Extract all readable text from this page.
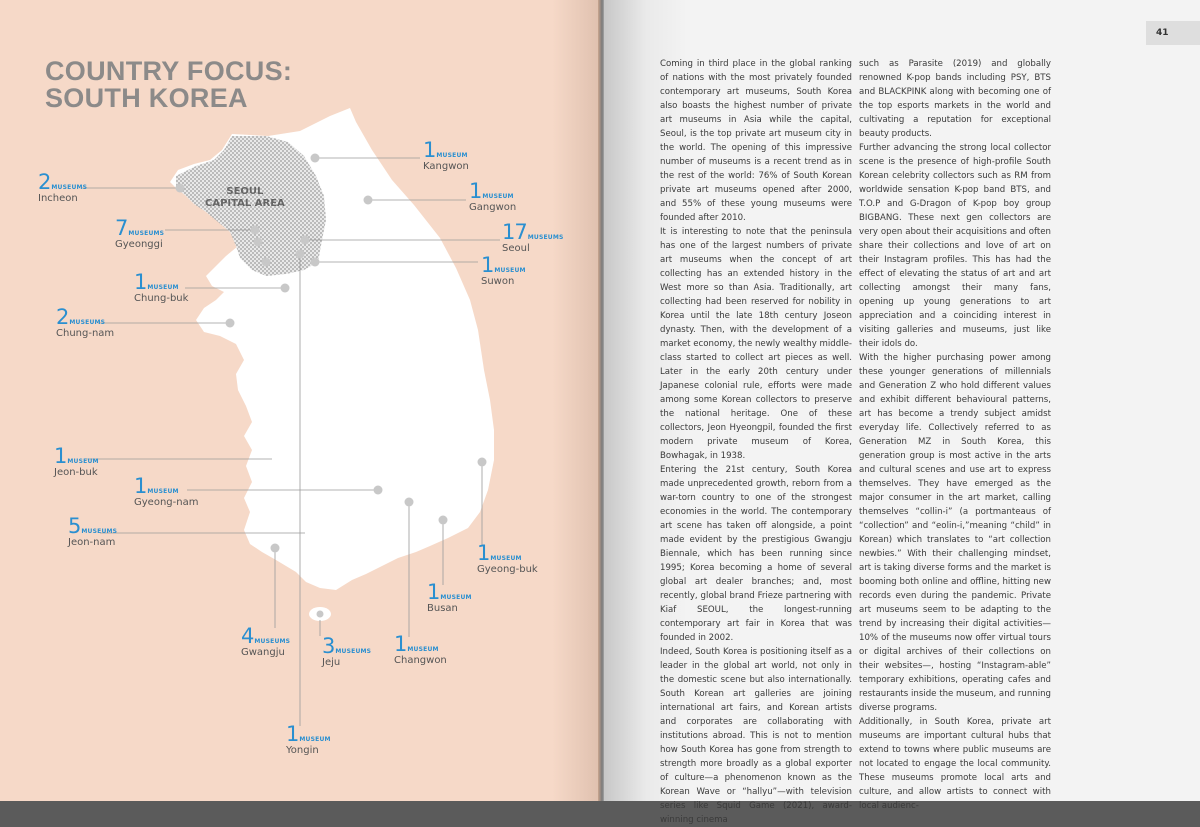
COUNTRY FOCUS:
SOUTH KOREA
SEOUL
CAPITAL AREA
1MUSEUM
Kangwon
2MUSEUMS
Incheon	1MUSEUM
Gangwon
7MUSEUMS
Gyeonggi
17MUSEUMS
Seoul
1MUSEUM
Suwon
1MUSEUM
Chung-buk
2MUSEUMS
Chung-nam
1MUSEUM
Jeon-buk
1MUSEUM
Gyeong-nam
5MUSEUMS
Jeon-nam	1MUSEUM
Gyeong-buk
1MUSEUM
Busan
4MUSEUMS
Gwangju 3MUSEUMS
Jeju
1MUSEUM
Changwon
1MUSEUM
Yongin
41

Coming in third place in the global ranking of nations with the most privately founded contemporary art museums, South Korea also boasts the highest number of private art museums in Asia while the capital, Seoul, is the top private art museum city in the world. The opening of this impressive number of museums is a recent trend as in the rest of the world: 76% of South Korean private art museums opened after 2000, and 55% of these young museums were founded after 2010.

It is interesting to note that the peninsula has one of the largest numbers of private art museums when the concept of art collecting has an extended history in the West more so than Asia. Traditionally, art collecting had been reserved for nobility in Korea until the late 18th century Joseon dynasty. Then, with the development of a market economy, the newly wealthy middle-class started to collect art pieces as well. Later in the early 20th century under Japanese colonial rule, efforts were made among some Korean collectors to preserve the national heritage. One of these collectors, Jeon Hyeongpil, founded the first modern private museum of Korea, Bowhagak, in 1938.

Entering the 21st century, South Korea made unprecedented growth, reborn from a war-torn country to one of the strongest economies in the world. The contemporary art scene has taken off alongside, a point made evident by the prestigious Gwangju Biennale, which has been running since 1995; Korea becoming a home of several global art dealer branches; and, most recently, global brand Frieze partnering with Kiaf SEOUL, the longest-running contemporary art fair in Korea that was founded in 2002.

Indeed, South Korea is positioning itself as a leader in the global art world, not only in the domestic scene but also internationally. South Korean art galleries are joining international art fairs, and Korean artists and corporates are collaborating with institutions abroad. This is not to mention how South Korea has gone from strength to strength more broadly as a global exporter of culture—a phenomenon known as the Korean Wave or “hallyu”—with television series like Squid Game (2021), award-winning cinema

such as Parasite (2019) and globally renowned K-pop bands including PSY, BTS and BLACKPINK along with becoming one of the top esports markets in the world and cultivating a reputation for exceptional beauty products.

Further advancing the strong local collector scene is the presence of high-profile South Korean celebrity collectors such as RM from worldwide sensation K-pop band BTS, and T.O.P and G-Dragon of K-pop boy group BIGBANG. These next gen collectors are very open about their acquisitions and often share their collections and love of art on their Instagram profiles. This has had the effect of elevating the status of art and art collecting amongst their many fans, opening up young generations to art appreciation and a coinciding interest in visiting galleries and museums, just like their idols do.

With the higher purchasing power among these younger generations of millennials and Generation Z who hold different values and exhibit different behavioural patterns, art has become a trendy subject amidst everyday life. Collectively referred to as Generation MZ in South Korea, this generation group is most active in the arts and cultural scenes and use art to express themselves. They have emerged as the major consumer in the art market, calling themselves “collin-i” (a portmanteaus of “collection” and “eolin-i,”meaning “child” in Korean) which translates to “art collection newbies.” With their challenging mindset, art is taking diverse forms and the market is booming both online and offline, hitting new records even during the pandemic. Private art museums seem to be adapting to the trend by increasing their digital activities—10% of the museums now offer virtual tours or digital archives of their collections on their websites—, hosting “Instagram-able” temporary exhibitions, operating cafes and restaurants inside the museum, and running diverse programs.

Additionally, in South Korea, private art museums are important cultural hubs that extend to towns where public museums are not located to engage the local community. These museums promote local arts and culture, and allow artists to connect with local audienc-
